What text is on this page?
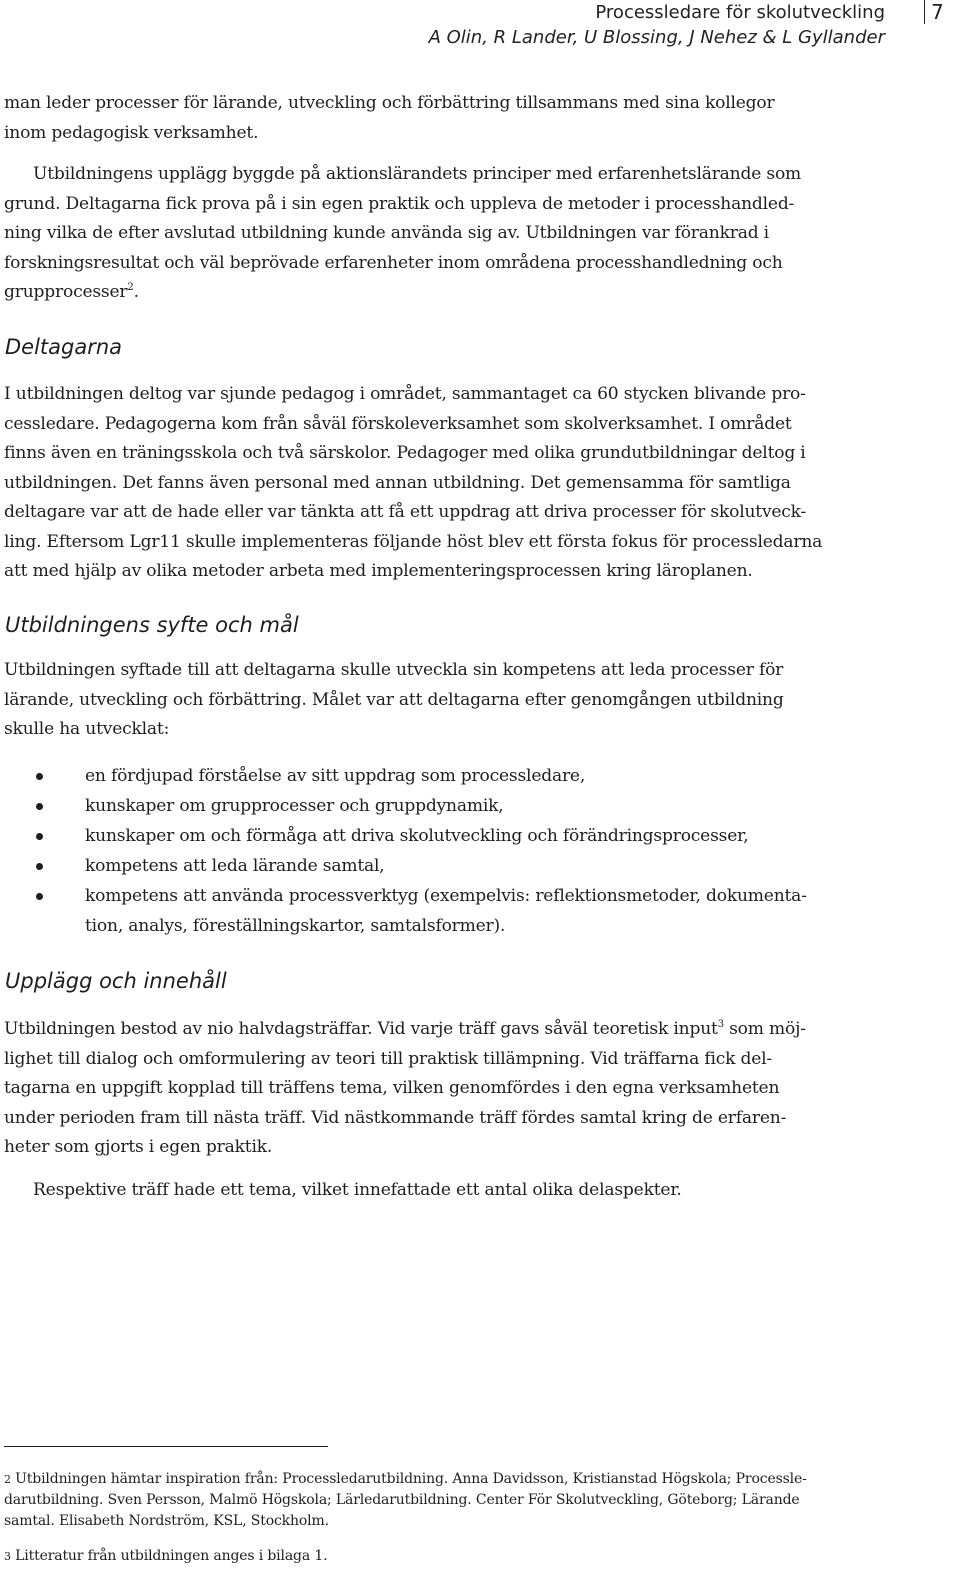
Processledare för skolutveckling
A Olin, R Lander, U Blossing, J Nehez & L Gyllander
7
man leder processer för lärande, utveckling och förbättring tillsammans med sina kollegor
inom pedagogisk verksamhet.
Utbildningens upplägg byggde på aktionslärandets principer med erfarenhetslärande som
grund. Deltagarna fick prova på i sin egen praktik och uppleva de metoder i processhandled-
ning vilka de efter avslutad utbildning kunde använda sig av. Utbildningen var förankrad i
forskningsresultat och väl beprövade erfarenheter inom områdena processhandledning och
grupprocesser$^2$.
Deltagarna
I utbildningen deltog var sjunde pedagog i området, sammantaget ca 60 stycken blivande pro-
cessledare. Pedagogerna kom från såväl förskoleverksamhet som skolverksamhet. I området
finns även en träningsskola och två särskolor. Pedagoger med olika grundutbildningar deltog i
utbildningen. Det fanns även personal med annan utbildning. Det gemensamma för samtliga
deltagare var att de hade eller var tänkta att få ett uppdrag att driva processer för skolutveck-
ling. Eftersom Lgr11 skulle implementeras följande höst blev ett första fokus för processledarna
att med hjälp av olika metoder arbeta med implementeringsprocessen kring läroplanen.
Utbildningens syfte och mål
Utbildningen syftade till att deltagarna skulle utveckla sin kompetens att leda processer för
lärande, utveckling och förbättring. Målet var att deltagarna efter genomgången utbildning
skulle ha utvecklat:
en fördjupad förståelse av sitt uppdrag som processledare,
kunskaper om grupprocesser och gruppdynamik,
kunskaper om och förmåga att driva skolutveckling och förändringsprocesser,
kompetens att leda lärande samtal,
kompetens att använda processverktyg (exempelvis: reflektionsmetoder, dokumenta-
tion, analys, föreställningskartor, samtalsformer).
Upplägg och innehåll
Utbildningen bestod av nio halvdagsträffar. Vid varje träff gavs såväl teoretisk input$^3$ som möj-
lighet till dialog och omformulering av teori till praktisk tillämpning. Vid träffarna fick del-
tagarna en uppgift kopplad till träffens tema, vilken genomfördes i den egna verksamheten
under perioden fram till nästa träff. Vid nästkommande träff fördes samtal kring de erfaren-
heter som gjorts i egen praktik.
Respektive träff hade ett tema, vilket innefattade ett antal olika delaspekter.
2 Utbildningen hämtar inspiration från: Processledarutbildning. Anna Davidsson, Kristianstad Högskola; Processle-
darutbildning. Sven Persson, Malmö Högskola; Lärledarutbildning. Center För Skolutveckling, Göteborg; Lärande
samtal. Elisabeth Nordström, KSL, Stockholm.
3 Litteratur från utbildningen anges i bilaga 1.
